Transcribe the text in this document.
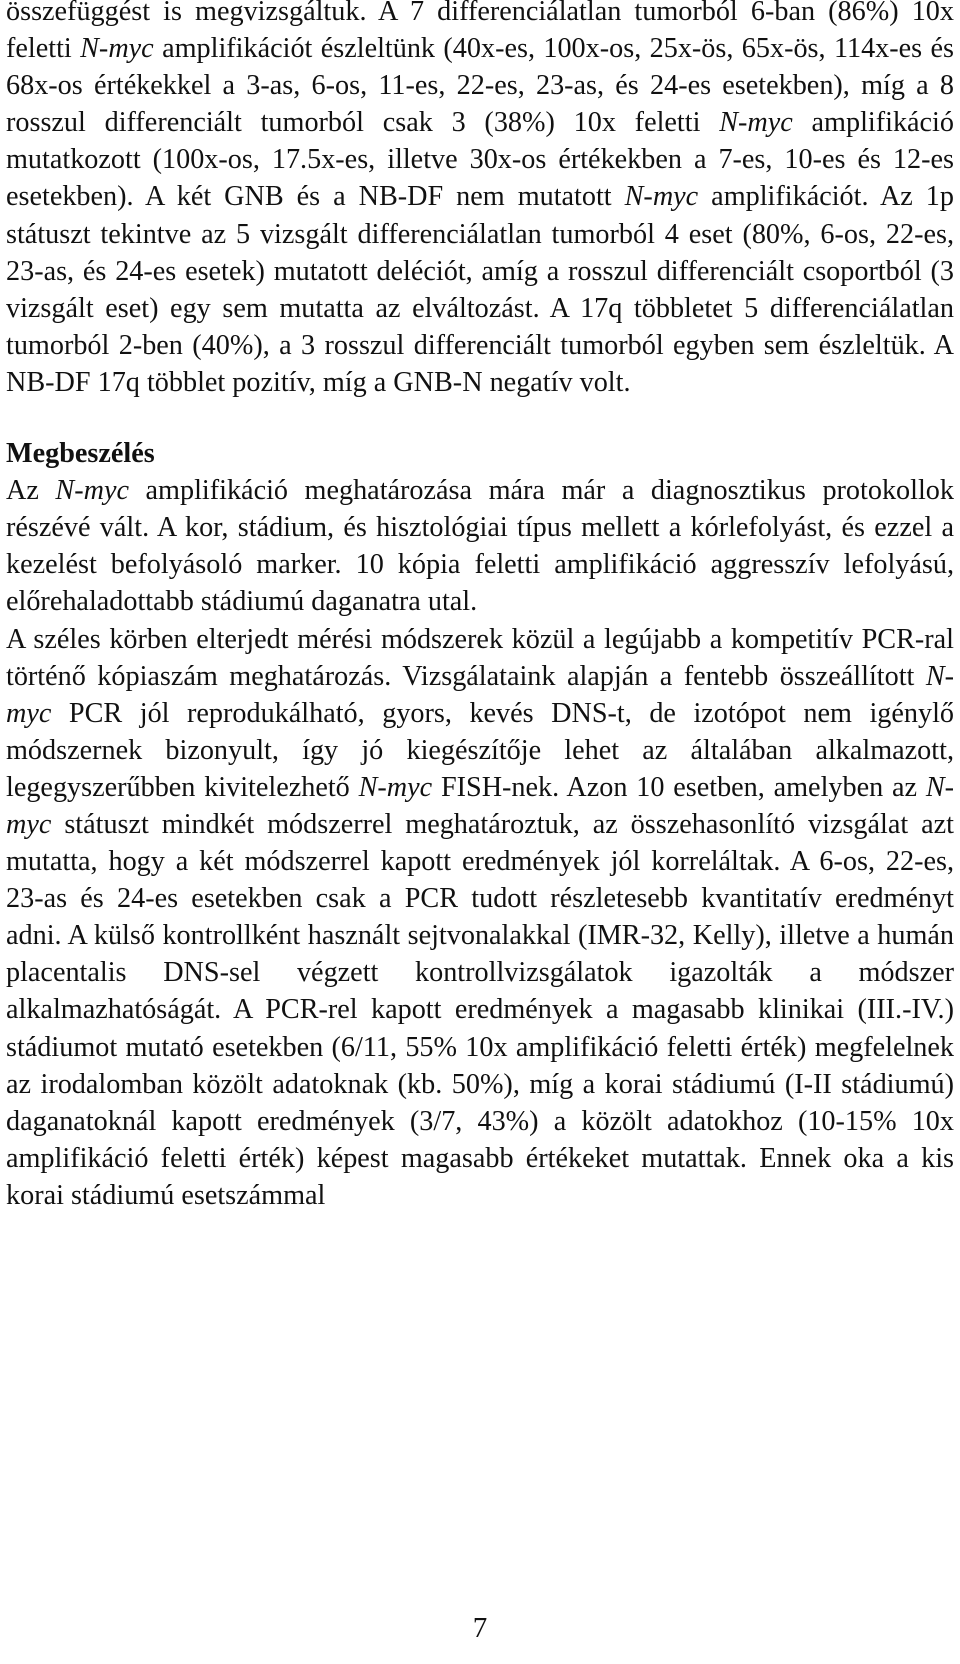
összefüggést is megvizsgáltuk. A 7 differenciálatlan tumorból 6-ban (86%) 10x feletti N-myc amplifikációt észleltünk (40x-es, 100x-os, 25x-ös, 65x-ös, 114x-es és 68x-os értékekkel a 3-as, 6-os, 11-es, 22-es, 23-as, és 24-es esetekben), míg a 8 rosszul differenciált tumorból csak 3 (38%) 10x feletti N-myc amplifikáció mutatkozott (100x-os, 17.5x-es, illetve 30x-os értékekben a 7-es, 10-es és 12-es esetekben). A két GNB és a NB-DF nem mutatott N-myc amplifikációt. Az 1p státuszt tekintve az 5 vizsgált differenciálatlan tumorból 4 eset (80%, 6-os, 22-es, 23-as, és 24-es esetek) mutatott deléciót, amíg a rosszul differenciált csoportból (3 vizsgált eset) egy sem mutatta az elváltozást. A 17q többletet 5 differenciálatlan tumorból 2-ben (40%), a 3 rosszul differenciált tumorból egyben sem észleltük. A NB-DF 17q többlet pozitív, míg a GNB-N negatív volt.

Megbeszélés

Az N-myc amplifikáció meghatározása mára már a diagnosztikus protokollok részévé vált. A kor, stádium, és hisztológiai típus mellett a kórlefolyást, és ezzel a kezelést befolyásoló marker. 10 kópia feletti amplifikáció aggresszív lefolyású, előrehaladottabb stádiumú daganatra utal.

A széles körben elterjedt mérési módszerek közül a legújabb a kompetitív PCR-ral történő kópiaszám meghatározás. Vizsgálataink alapján a fentebb összeállított N-myc PCR jól reprodukálható, gyors, kevés DNS-t, de izotópot nem igénylő módszernek bizonyult, így jó kiegészítője lehet az általában alkalmazott, legegyszerűbben kivitelezhető N-myc FISH-nek. Azon 10 esetben, amelyben az N-myc státuszt mindkét módszerrel meghatároztuk, az összehasonlító vizsgálat azt mutatta, hogy a két módszerrel kapott eredmények jól korreláltak. A 6-os, 22-es, 23-as és 24-es esetekben csak a PCR tudott részletesebb kvantitatív eredményt adni. A külső kontrollként használt sejtvonalakkal (IMR-32, Kelly), illetve a humán placentalis DNS-sel végzett kontrollvizsgálatok igazolták a módszer alkalmazhatóságát. A PCR-rel kapott eredmények a magasabb klinikai (III.-IV.) stádiumot mutató esetekben (6/11, 55% 10x amplifikáció feletti érték) megfelelnek az irodalomban közölt adatoknak (kb. 50%), míg a korai stádiumú (I-II stádiumú) daganatoknál kapott eredmények (3/7, 43%) a közölt adatokhoz (10-15% 10x amplifikáció feletti érték) képest magasabb értékeket mutattak. Ennek oka a kis korai stádiumú esetszámmal

7
